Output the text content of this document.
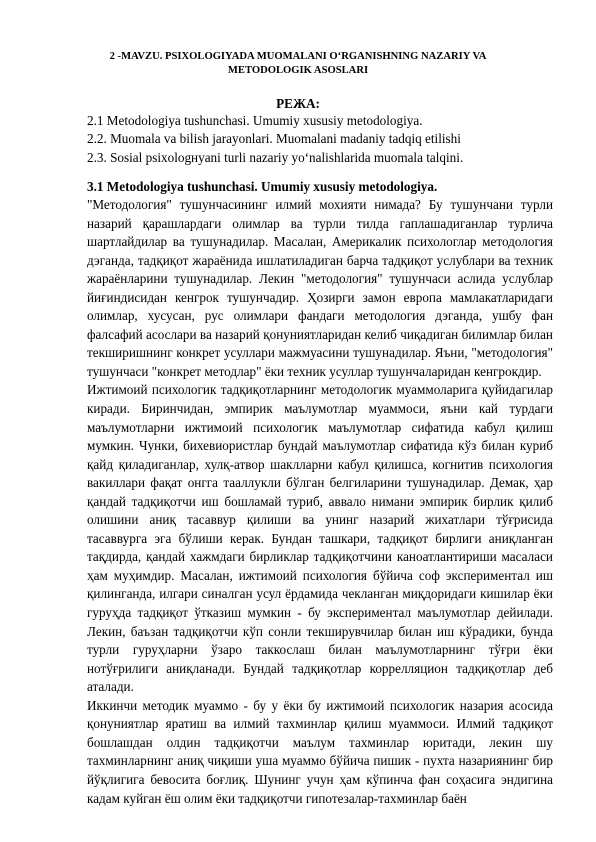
2 -MAVZU. PSIXOLOGIYADA MUOMALANI O‘RGANISHNING NAZARIY VA
METODOLOGIK ASOSLARI
РЕЖА:
2.1 Metodologiya tushunchasi. Umumiy xususiy metodologiya.
2.2. Muomala va bilish jarayonlari. Muomalani madaniy tadqiq etilishi
2.3. Sosial psixologнyani turli nazariy yo‘nalishlarida muomala talqini.
3.1 Metodologiya tushunchasi. Umumiy xususiy metodologiya.

"Методология" тушунчасининг илмий мохияти нимада? Бу тушунчани турли назарий қарашлардаги олимлар ва турли тилда гаплашадиганлар турлича шартлайдилар ва тушунадилар. Масалан, Америкалик психологлар методология дэганда, тадқиқот жараёнида ишлатиладиган барча тадқиқот услублари ва техник жараёнларини тушунадилар. Лекин "методология" тушунчаси аслида услублар йиғиндисидан кенгрок тушунчадир. Ҳозирги замон европа мамлакатларидаги олимлар, хусусан, рус олимлари фандаги методология дэганда, ушбу фан фалсафий асослари ва назарий қонуниятларидан келиб чиқадиган билимлар билан текширишнинг конкрет усуллари мажмуасини тушунадилар. Яъни, "методология" тушунчаси "конкрет методлар" ёки техник усуллар тушунчаларидан кенгрокдир.

Ижтимоий психологик тадқиқотларнинг методологик муаммоларига қуйидагилар киради. Биринчидан, эмпирик маълумотлар муаммоси, яъни кай турдаги маълумотларни ижтимоий психологик маълумотлар сифатида кабул қилиш мумкин. Чунки, бихевиористлар бундай маълумотлар сифатида кўз билан куриб қайд қиладиганлар, хулқ-атвор шаклларни кабул қилишса, когнитив психология вакиллари фақат онгга тааллукли бўлган белгиларини тушунадилар. Демак, ҳар қандай тадқиқотчи иш бошламай туриб, аввало нимани эмпирик бирлик қилиб олишини аниқ тасаввур қилиши ва унинг назарий жихатлари тўғрисида тасаввурга эга бўлиши керак. Бундан ташкари, тадқиқот бирлиги аниқланган тақдирда, қандай хажмдаги бирликлар тадқиқотчини каноатлантириши масаласи ҳам муҳимдир. Масалан, ижтимоий психология бўйича соф экспериментал иш қилинганда, илгари синалган усул ёрдамида чекланган миқдоридаги кишилар ёки гуруҳда тадқиқот ўтказиш мумкин - бу экспериментал маълумотлар дейилади. Лекин, баъзан тадқиқотчи кўп сонли текширувчилар билан иш кўрадики, бунда турли гуруҳларни ўзаро таккослаш билан маълумотларнинг тўғри ёки нотўғрилиги аниқланади. Бундай тадқиқотлар коррелляцион тадқиқотлар деб аталади.

Иккинчи методик муаммо - бу у ёки бу ижтимоий психологик назария асосида қонуниятлар яратиш ва илмий тахминлар қилиш муаммоси. Илмий тадқиқот бошлашдан олдин тадқиқотчи маълум тахминлар юритади, лекин шу тахминларнинг аниқ чиқиши уша муаммо бўйича пишик - пухта назариянинг бир йўқлигига бевосита боғлиқ. Шунинг учун ҳам кўпинча фан соҳасига эндигина кадам куйган ёш олим ёки тадқиқотчи гипотезалар-тахминлар баён
